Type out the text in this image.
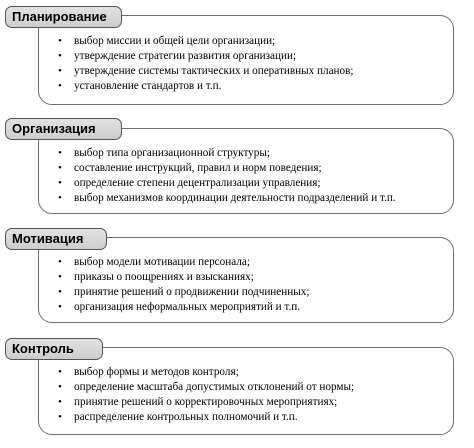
Планирование
• выбор миссии и общей цели организации;
• утверждение стратегии развития организации;
• утверждение системы тактических и оперативных планов;
• установление стандартов и т.п.
Организация
• выбор типа организационной структуры;
• составление инструкций, правил и норм поведения;
• определение степени децентрализации управления;
• выбор механизмов координации деятельности подразделений и т.п.
Мотивация
• выбор модели мотивации персонала;
• приказы о поощрениях и взысканиях;
• принятие решений о продвижении подчиненных;
• организация неформальных мероприятий и т.п.
Контроль
• выбор формы и методов контроля;
• определение масштаба допустимых отклонений от нормы;
• принятие решений о корректировочных мероприятиях;
• распределение контрольных полномочий и т.п.
